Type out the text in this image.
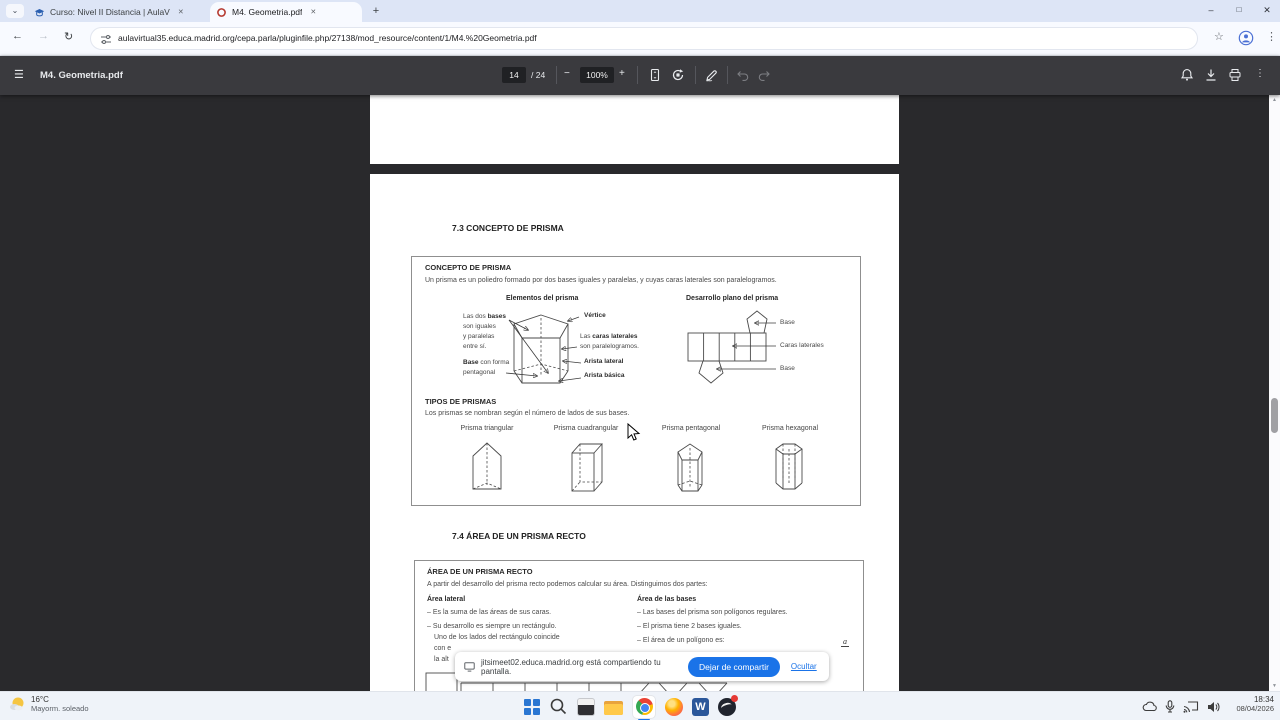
⌄	Curso: Nivel II Distancia | AulaV	✕	M4. Geometria.pdf	✕	+	–	□	✕
← → ↻	aulavirtual35.educa.madrid.org/cepa.parla/pluginfile.php/27138/mod_resource/content/1/M4.%20Geometria.pdf	☆	⋮
☰ M4. Geometria.pdf	14	/ 24 −	100%	+	⋮
7.3 CONCEPTO DE PRISMA
CONCEPTO DE PRISMA
Un prisma es un poliedro formado por dos bases iguales y paralelas, y cuyas caras laterales son paralelogramos.
Elementos del prisma	Desarrollo plano del prisma
Las dos bases
son iguales
y paralelas
entre sí.
Base con forma
pentagonal
Vértice
Las caras laterales
son paralelogramos.
Arista lateral
Arista básica
Base
Caras laterales
Base
TIPOS DE PRISMAS
Los prismas se nombran según el número de lados de sus bases.
Prisma triangular	Prisma cuadrangular	Prisma pentagonal	Prisma hexagonal
7.4 ÁREA DE UN PRISMA RECTO
ÁREA DE UN PRISMA RECTO
A partir del desarrollo del prisma recto podemos calcular su área. Distinguimos dos partes:
Área lateral
– Es la suma de las áreas de sus caras.
– Su desarrollo es siempre un rectángulo.
Uno de los lados del rectángulo coincide
con e
la alt
Área de las bases
– Las bases del prisma son polígonos regulares.
– El prisma tiene 2 bases iguales.
– El área de un polígono es:	a
▲
▼
jitsimeet02.educa.madrid.org está compartiendo tu pantalla.	Dejar de compartir	Ocultar
16°C
Mayorm. soleado	W
18:34
08/04/2026
